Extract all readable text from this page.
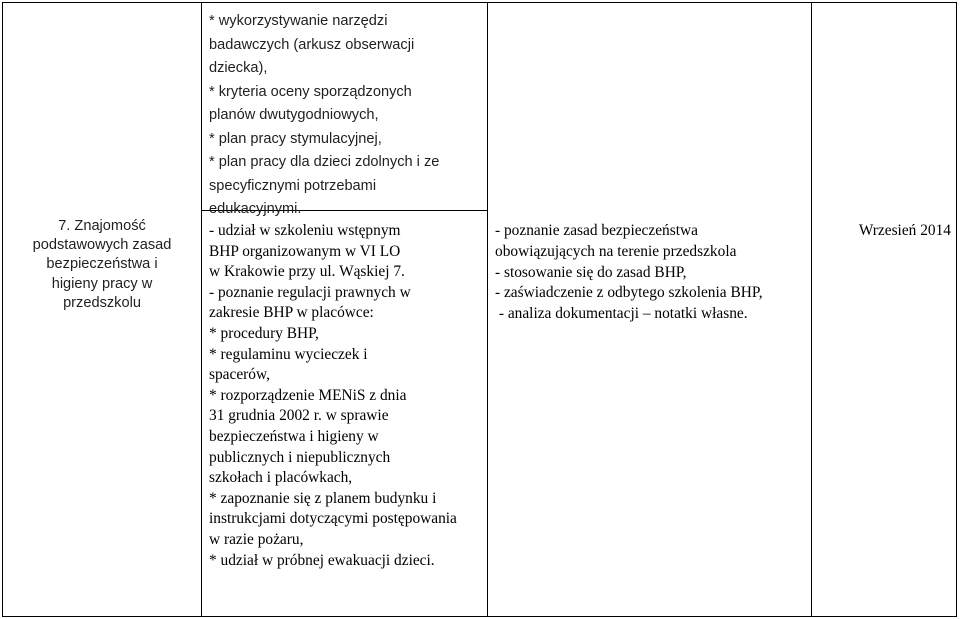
* wykorzystywanie narzędzi
badawczych (arkusz obserwacji
dziecka),
* kryteria oceny sporządzonych
planów dwutygodniowych,
* plan pracy stymulacyjnej,
* plan pracy dla dzieci zdolnych i ze
specyficznymi potrzebami
edukacyjnymi.
7. Znajomość
podstawowych zasad
bezpieczeństwa i
higieny pracy w
przedszkolu
- udział w szkoleniu wstępnym
BHP organizowanym w VI LO
w Krakowie przy ul. Wąskiej 7.
- poznanie regulacji prawnych w
zakresie BHP w placówce:
* procedury BHP,
* regulaminu wycieczek i
spacerów,
* rozporządzenie MENiS z dnia
31 grudnia 2002 r. w sprawie
bezpieczeństwa i higieny w
publicznych i niepublicznych
szkołach i placówkach,
* zapoznanie się z planem budynku i
instrukcjami dotyczącymi postępowania
w razie pożaru,
* udział w próbnej ewakuacji dzieci.
- poznanie zasad bezpieczeństwa
obowiązujących na terenie przedszkola
- stosowanie się do zasad BHP,
- zaświadczenie z odbytego szkolenia BHP,
- analiza dokumentacji – notatki własne.
Wrzesień 2014
